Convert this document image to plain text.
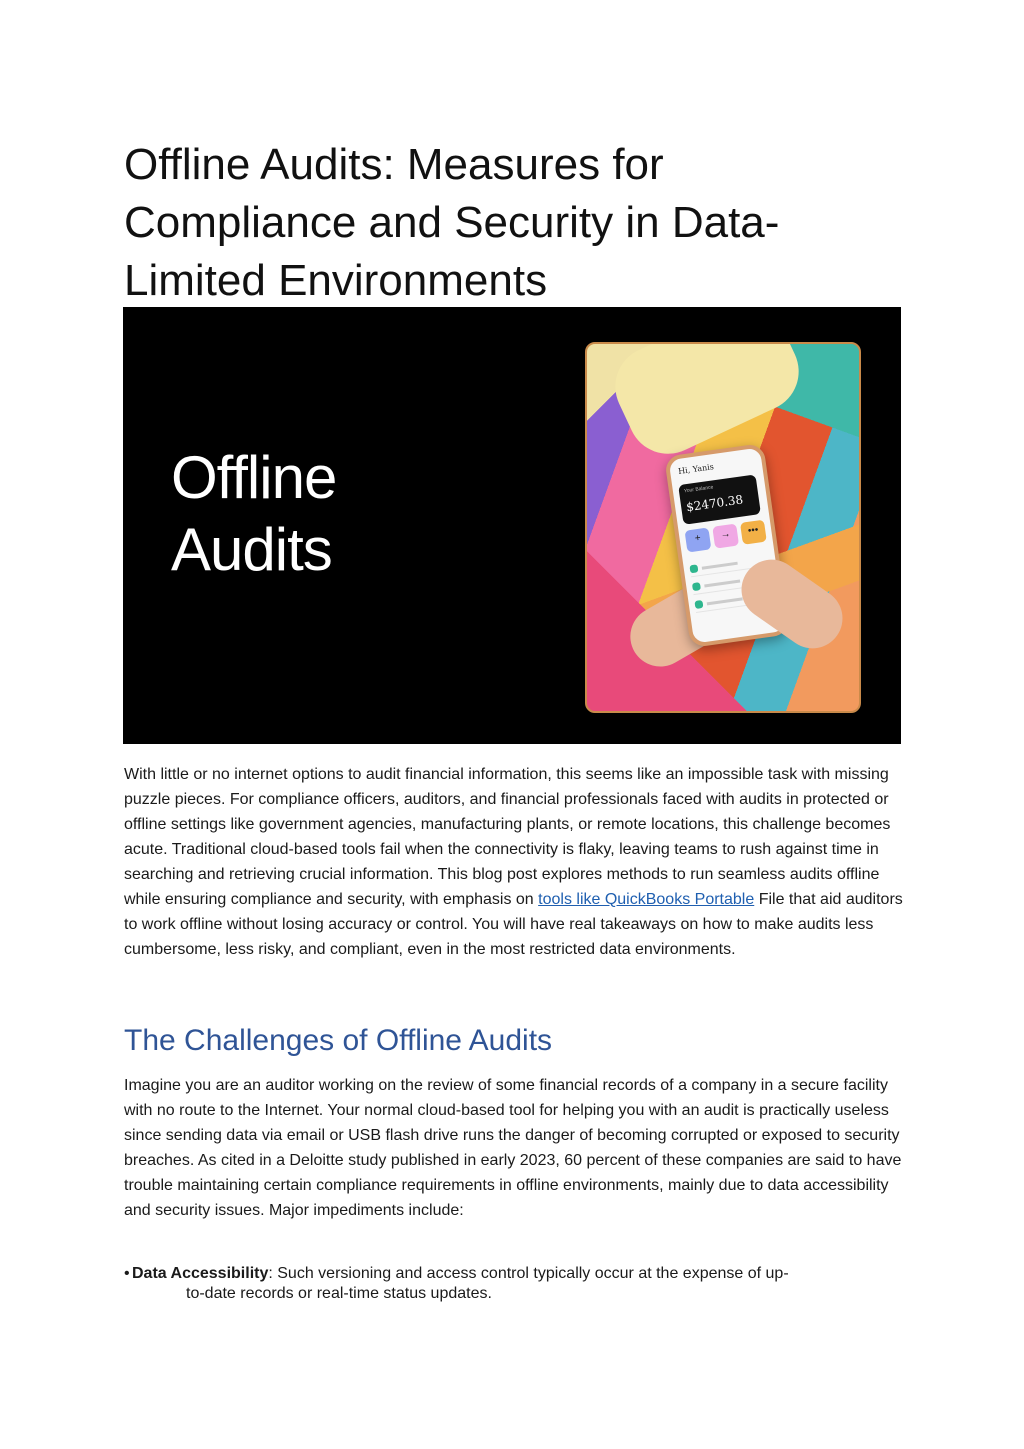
Offline Audits: Measures for
Compliance and Security in Data-
Limited Environments
Offline
Audits
Hi, Yanis
Your Balance
$2470.38
+	→	•••

With little or no internet options to audit financial information, this seems like an impossible task with missing puzzle pieces. For compliance officers, auditors, and financial professionals faced with audits in protected or offline settings like government agencies, manufacturing plants, or remote locations, this challenge becomes acute. Traditional cloud-based tools fail when the connectivity is flaky, leaving teams to rush against time in searching and retrieving crucial information. This blog post explores methods to run seamless audits offline while ensuring compliance and security, with emphasis on tools like QuickBooks Portable File that aid auditors to work offline without losing accuracy or control. You will have real takeaways on how to make audits less cumbersome, less risky, and compliant, even in the most restricted data environments.

The Challenges of Offline Audits

Imagine you are an auditor working on the review of some financial records of a company in a secure facility with no route to the Internet. Your normal cloud-based tool for helping you with an audit is practically useless since sending data via email or USB flash drive runs the danger of becoming corrupted or exposed to security breaches. As cited in a Deloitte study published in early 2023, 60 percent of these companies are said to have trouble maintaining certain compliance requirements in offline environments, mainly due to data accessibility and security issues. Major impediments include:

• Data Accessibility: Such versioning and access control typically occur at the expense of up-
to-date records or real-time status updates.
